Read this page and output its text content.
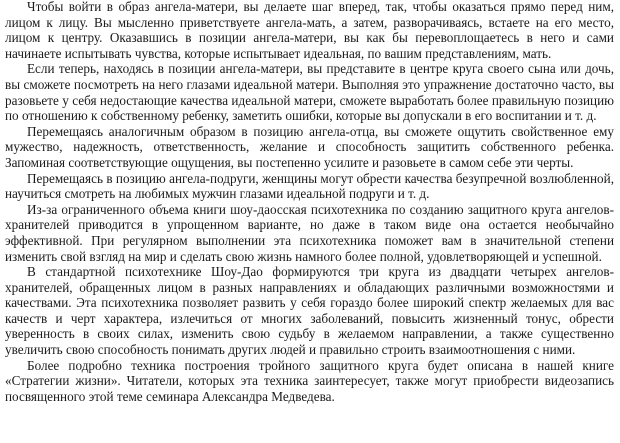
Чтобы войти в образ ангела-матери, вы делаете шаг вперед, так, чтобы оказаться прямо перед ним, лицом к лицу. Вы мысленно приветствуете ангела-мать, а затем, разворачиваясь, встаете на его место, лицом к центру. Оказавшись в позиции ангела-матери, вы как бы перевоплощаетесь в него и сами начинаете испытывать чувства, которые испытывает идеальная, по вашим представлениям, мать.

Если теперь, находясь в позиции ангела-матери, вы представите в центре круга своего сына или дочь, вы сможете посмотреть на него глазами идеальной матери. Выполняя это упражнение достаточно часто, вы разовьете у себя недостающие качества идеальной матери, сможете выработать более правильную позицию по отношению к собственному ребенку, заметить ошибки, которые вы допускали в его воспитании и т. д.

Перемещаясь аналогичным образом в позицию ангела-отца, вы сможете ощутить свойственное ему мужество, надежность, ответственность, желание и способность защитить собственного ребенка. Запоминая соответствующие ощущения, вы постепенно усилите и разовьете в самом себе эти черты.

Перемещаясь в позицию ангела-подруги, женщины могут обрести качества безупречной возлюбленной, научиться смотреть на любимых мужчин глазами идеальной подруги и т. д.

Из-за ограниченного объема книги шоу-даосская психотехника по созданию защитного круга ангелов-хранителей приводится в упрощенном варианте, но даже в таком виде она остается необычайно эффективной. При регулярном выполнении эта психотехника поможет вам в значительной степени изменить свой взгляд на мир и сделать свою жизнь намного более полной, удовлетворяющей и успешной.

В стандартной психотехнике Шоу-Дао формируются три круга из двадцати четырех ангелов-хранителей, обращенных лицом в разных направлениях и обладающих различными возможностями и качествами. Эта психотехника позволяет развить у себя гораздо более широкий спектр желаемых для вас качеств и черт характера, излечиться от многих заболеваний, повысить жизненный тонус, обрести уверенность в своих силах, изменить свою судьбу в желаемом направлении, а также существенно увеличить свою способность понимать других людей и правильно строить взаимоотношения с ними.

Более подробно техника построения тройного защитного круга будет описана в нашей книге «Стратегии жизни». Читатели, которых эта техника заинтересует, также могут приобрести видеозапись посвященного этой теме семинара Александра Медведева.
